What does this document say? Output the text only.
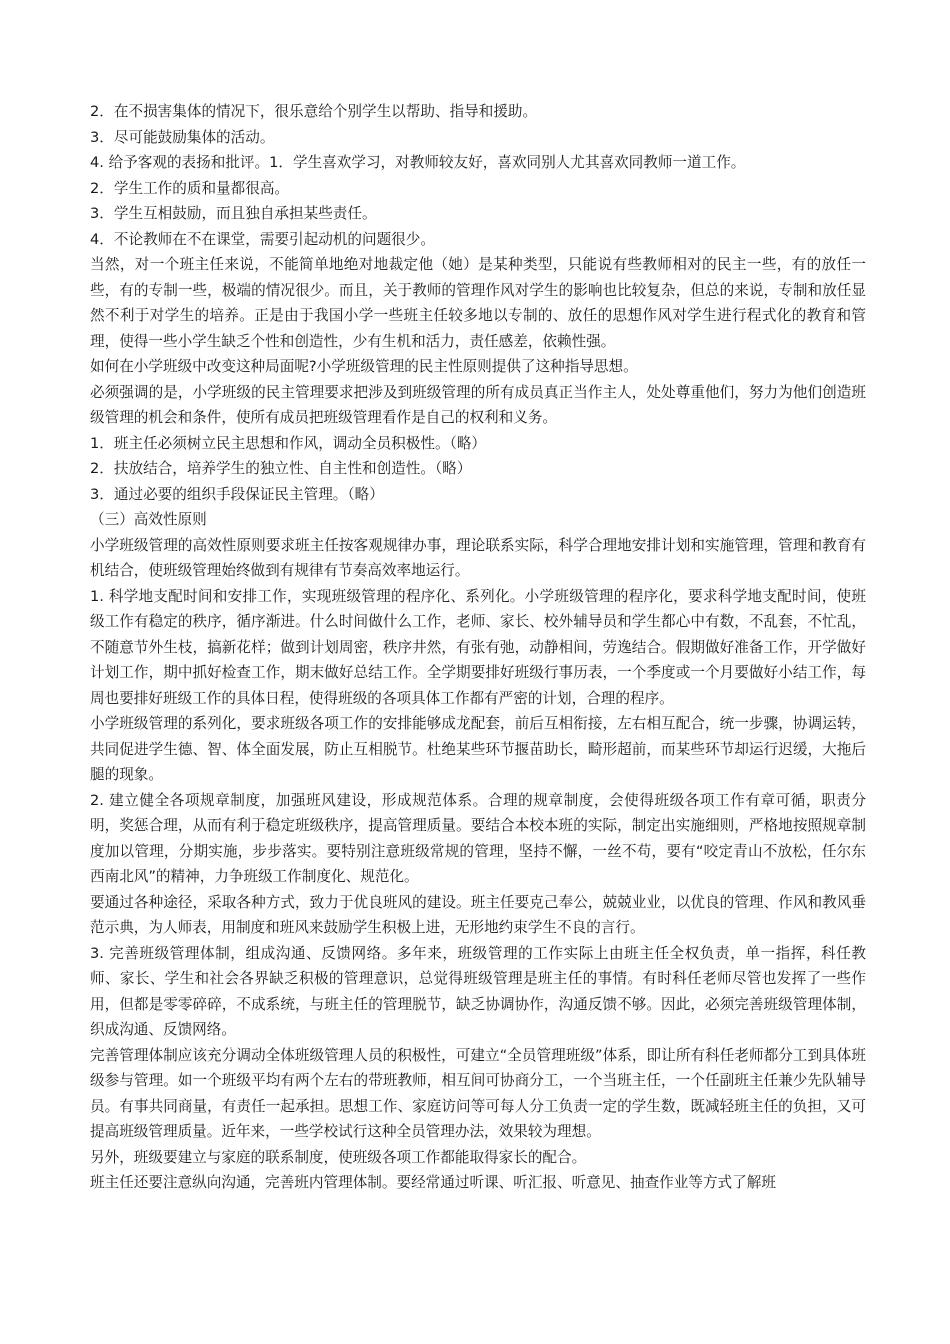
2．在不损害集体的情况下，很乐意给个别学生以帮助、指导和援助。

3．尽可能鼓励集体的活动。

4. 给予客观的表扬和批评。1．学生喜欢学习，对教师较友好，喜欢同别人尤其喜欢同教师一道工作。

2．学生工作的质和量都很高。

3．学生互相鼓励，而且独自承担某些责任。

4．不论教师在不在课堂，需要引起动机的问题很少。

当然，对一个班主任来说，不能简单地绝对地裁定他（她）是某种类型，只能说有些教师相对的民主一些，有的放任一些，有的专制一些，极端的情况很少。而且，关于教师的管理作风对学生的影响也比较复杂，但总的来说，专制和放任显然不利于对学生的培养。正是由于我国小学一些班主任较多地以专制的、放任的思想作风对学生进行程式化的教育和管理，使得一些小学生缺乏个性和创造性，少有生机和活力，责任感差，依赖性强。

如何在小学班级中改变这种局面呢?小学班级管理的民主性原则提供了这种指导思想。

必须强调的是，小学班级的民主管理要求把涉及到班级管理的所有成员真正当作主人，处处尊重他们，努力为他们创造班级管理的机会和条件，使所有成员把班级管理看作是自己的权利和义务。

1．班主任必须树立民主思想和作风，调动全员积极性。（略）

2．扶放结合，培养学生的独立性、自主性和创造性。（略）

3．通过必要的组织手段保证民主管理。（略）

（三）高效性原则

小学班级管理的高效性原则要求班主任按客观规律办事，理论联系实际，科学合理地安排计划和实施管理，管理和教育有机结合，使班级管理始终做到有规律有节奏高效率地运行。

1. 科学地支配时间和安排工作，实现班级管理的程序化、系列化。小学班级管理的程序化，要求科学地支配时间，使班级工作有稳定的秩序，循序渐进。什么时间做什么工作，老师、家长、校外辅导员和学生都心中有数，不乱套，不忙乱，不随意节外生枝，搞新花样；做到计划周密，秩序井然，有张有弛，动静相间，劳逸结合。假期做好准备工作，开学做好计划工作，期中抓好检查工作，期末做好总结工作。全学期要排好班级行事历表，一个季度或一个月要做好小结工作，每周也要排好班级工作的具体日程，使得班级的各项具体工作都有严密的计划，合理的程序。

小学班级管理的系列化，要求班级各项工作的安排能够成龙配套，前后互相衔接，左右相互配合，统一步骤，协调运转，共同促进学生德、智、体全面发展，防止互相脱节。杜绝某些环节揠苗助长，畸形超前，而某些环节却运行迟缓，大拖后腿的现象。

2. 建立健全各项规章制度，加强班风建设，形成规范体系。合理的规章制度，会使得班级各项工作有章可循，职责分明，奖惩合理，从而有利于稳定班级秩序，提高管理质量。要结合本校本班的实际，制定出实施细则，严格地按照规章制度加以管理，分期实施，步步落实。要特别注意班级常规的管理，坚持不懈，一丝不苟，要有“咬定青山不放松，任尔东西南北风”的精神，力争班级工作制度化、规范化。

要通过各种途径，采取各种方式，致力于优良班风的建设。班主任要克己奉公，兢兢业业，以优良的管理、作风和教风垂范示典，为人师表，用制度和班风来鼓励学生积极上进，无形地约束学生不良的言行。

3. 完善班级管理体制，组成沟通、反馈网络。多年来，班级管理的工作实际上由班主任全权负责，单一指挥，科任教师、家长、学生和社会各界缺乏积极的管理意识，总觉得班级管理是班主任的事情。有时科任老师尽管也发挥了一些作用，但都是零零碎碎，不成系统，与班主任的管理脱节，缺乏协调协作，沟通反馈不够。因此，必须完善班级管理体制，织成沟通、反馈网络。

完善管理体制应该充分调动全体班级管理人员的积极性，可建立“全员管理班级”体系，即让所有科任老师都分工到具体班级参与管理。如一个班级平均有两个左右的带班教师，相互间可协商分工，一个当班主任，一个任副班主任兼少先队辅导员。有事共同商量，有责任一起承担。思想工作、家庭访问等可每人分工负责一定的学生数，既减轻班主任的负担，又可提高班级管理质量。近年来，一些学校试行这种全员管理办法，效果较为理想。

另外，班级要建立与家庭的联系制度，使班级各项工作都能取得家长的配合。

班主任还要注意纵向沟通，完善班内管理体制。要经常通过听课、听汇报、听意见、抽查作业等方式了解班
